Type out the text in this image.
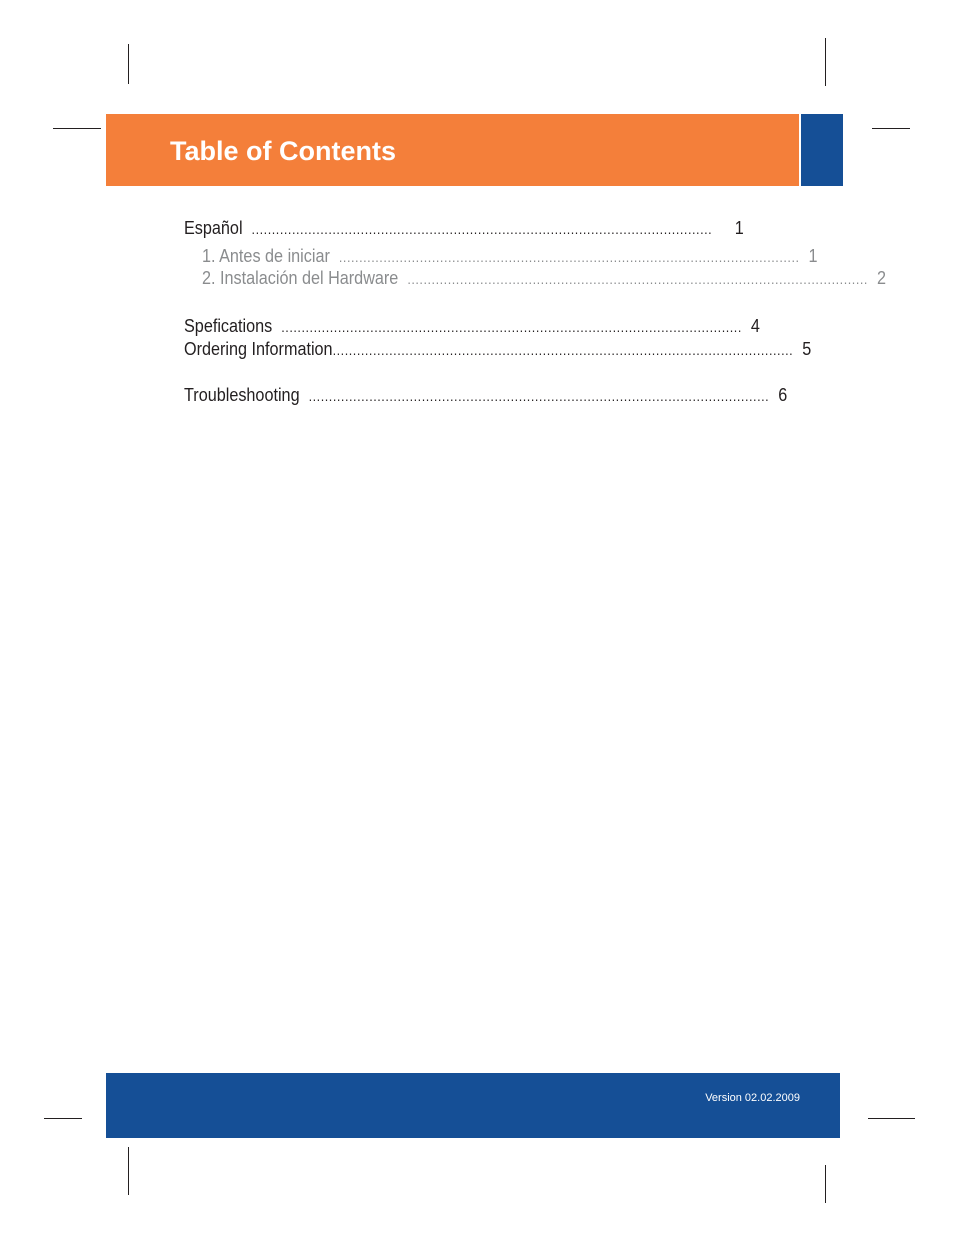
Table of Contents
Español ..................................................................................................................	1
1. Antes de iniciar .................................................................................................................. 1
2. Instalación del Hardware .................................................................................................................. 2
Spefications .................................................................................................................. 4
Ordering Information .................................................................................................................. 5
Troubleshooting .................................................................................................................. 6
Version 02.02.2009
